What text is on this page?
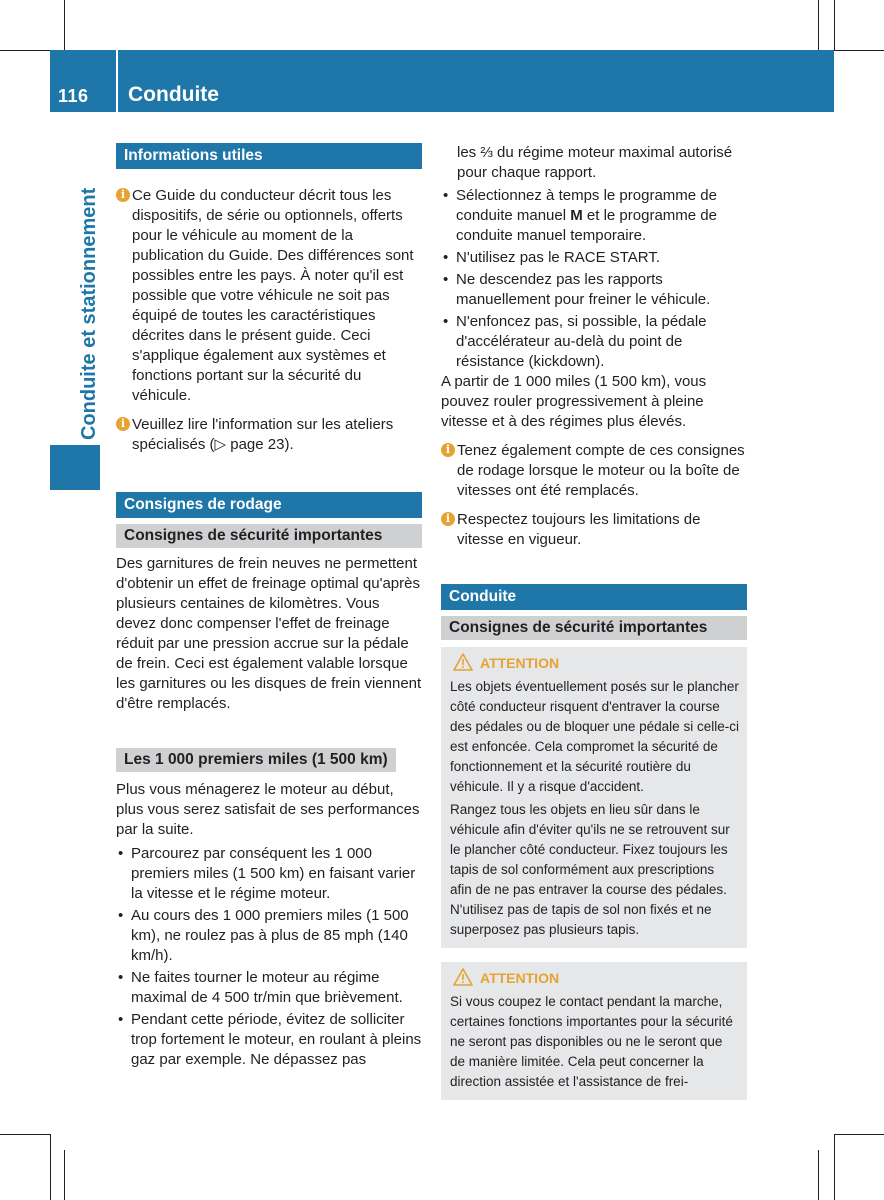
116 Conduite
Conduite et stationnement
Informations utiles
i Ce Guide du conducteur décrit tous les dispositifs, de série ou optionnels, offerts pour le véhicule au moment de la publication du Guide. Des différences sont possibles entre les pays. À noter qu'il est possible que votre véhicule ne soit pas équipé de toutes les caractéristiques décrites dans le présent guide. Ceci s'applique également aux systèmes et fonctions portant sur la sécurité du véhicule.

i Veuillez lire l'information sur les ateliers spécialisés (▷ page 23).

Consignes de rodage
Consignes de sécurité importantes

Des garnitures de frein neuves ne permettent d'obtenir un effet de freinage optimal qu'après plusieurs centaines de kilomètres. Vous devez donc compenser l'effet de freinage réduit par une pression accrue sur la pédale de frein. Ceci est également valable lorsque les garnitures ou les disques de frein viennent d'être remplacés.

Les 1 000 premiers miles (1 500 km)

Plus vous ménagerez le moteur au début, plus vous serez satisfait de ses performances par la suite.

• Parcourez par conséquent les 1 000 premiers miles (1 500 km) en faisant varier la vitesse et le régime moteur.

• Au cours des 1 000 premiers miles (1 500 km), ne roulez pas à plus de 85 mph (140 km/h).

• Ne faites tourner le moteur au régime maximal de 4 500 tr/min que brièvement.

• Pendant cette période, évitez de solliciter trop fortement le moteur, en roulant à pleins gaz par exemple. Ne dépassez pas

les ⅔ du régime moteur maximal autorisé pour chaque rapport.

• Sélectionnez à temps le programme de conduite manuel M et le programme de conduite manuel temporaire.

• N'utilisez pas le RACE START.

• Ne descendez pas les rapports manuellement pour freiner le véhicule.

• N'enfoncez pas, si possible, la pédale d'accélérateur au-delà du point de résistance (kickdown).

A partir de 1 000 miles (1 500 km), vous pouvez rouler progressivement à pleine vitesse et à des régimes plus élevés.

i Tenez également compte de ces consignes de rodage lorsque le moteur ou la boîte de vitesses ont été remplacés.

i Respectez toujours les limitations de vitesse en vigueur.

Conduite
Consignes de sécurité importantes
ATTENTION

Les objets éventuellement posés sur le plancher côté conducteur risquent d'entraver la course des pédales ou de bloquer une pédale si celle-ci est enfoncée. Cela compromet la sécurité de fonctionnement et la sécurité routière du véhicule. Il y a risque d'accident.

Rangez tous les objets en lieu sûr dans le véhicule afin d'éviter qu'ils ne se retrouvent sur le plancher côté conducteur. Fixez toujours les tapis de sol conformément aux prescriptions afin de ne pas entraver la course des pédales. N'utilisez pas de tapis de sol non fixés et ne superposez pas plusieurs tapis.

ATTENTION

Si vous coupez le contact pendant la marche, certaines fonctions importantes pour la sécurité ne seront pas disponibles ou ne le seront que de manière limitée. Cela peut concerner la direction assistée et l'assistance de frei-
